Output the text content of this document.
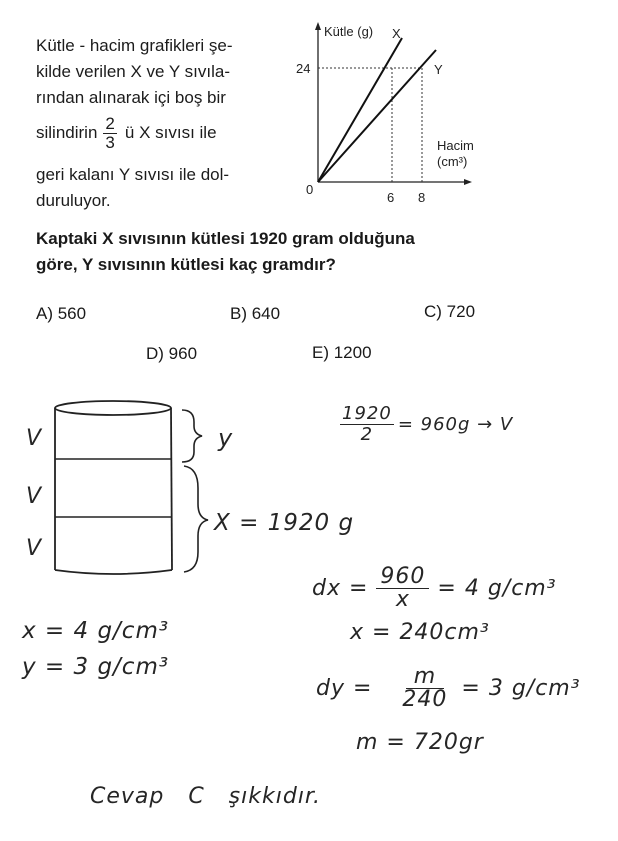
Kütle - hacim grafikleri şe-
kilde verilen X ve Y sıvıla-
rından alınarak içi boş bir
silindirin $\frac{2}{3}$ ü X sıvısı ile
geri kalanı Y sıvısı ile dol-
duruluyor.
Kütle (g) X
Y
24
0
6 8
Hacim
(cm³)
Kaptaki X sıvısının kütlesi 1920 gram olduğuna
göre, Y sıvısının kütlesi kaç gramdır?
A) 560	B) 640	C) 720
D) 960	E) 1200
V
V
V
y
X = 1920 g
$\frac{1920}{2} = 960g \to V$
dx = $\frac{960}{x} = 4$ g/cm³
x = 240cm³
x = 4 g/cm³
y = 3 g/cm³
dy = $\frac{m}{240} = 3$ g/cm³
m = 720gr
Cevap   C   şıkkıdır.
